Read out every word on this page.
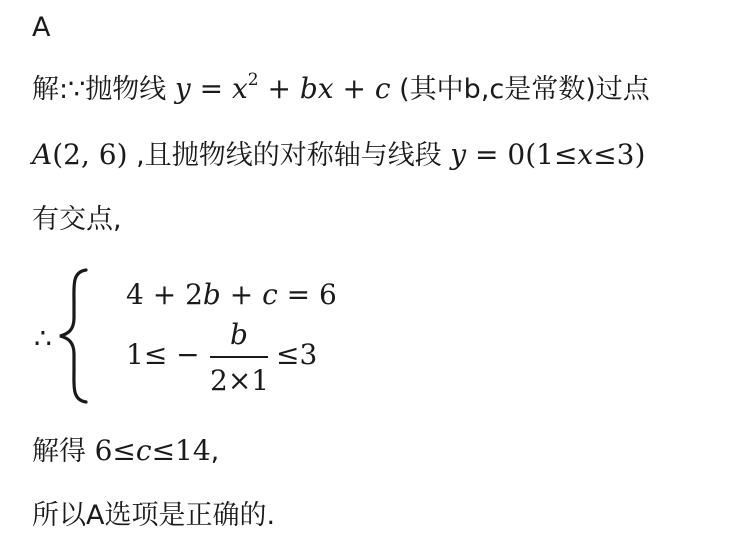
A
解:∵抛物线 $y = x^2$ + bx + c (其中b,c是常数)过点
A(2, 6) ,且抛物线的对称轴与线段 y = 0(1≤x≤3)
有交点,
∴
4 + 2b + c = 6
1≤ −
b
2×1
≤3
解得 6≤c≤14,
所以A选项是正确的.
